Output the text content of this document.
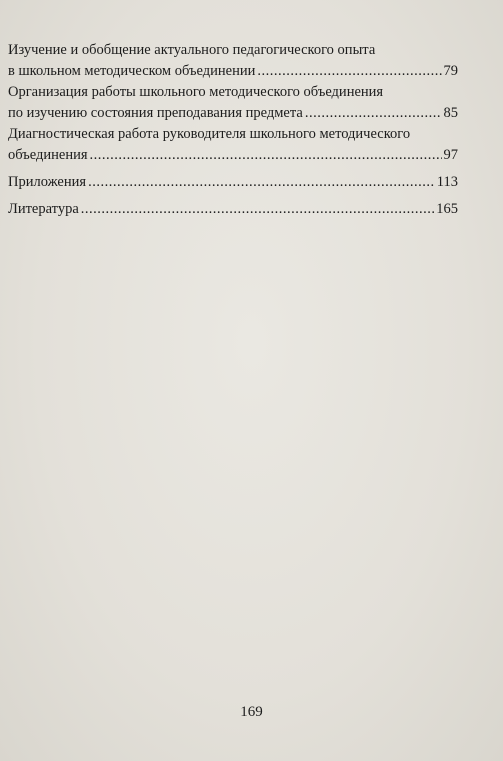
Изучение и обобщение актуального педагогического опыта
в школьном методическом объединении .....	79
Организация работы школьного методического объединения
по изучению состояния преподавания предмета .....	85
Диагностическая работа руководителя школьного методического
объединения .....	97
Приложения .....	113
Литература .....	165
169
